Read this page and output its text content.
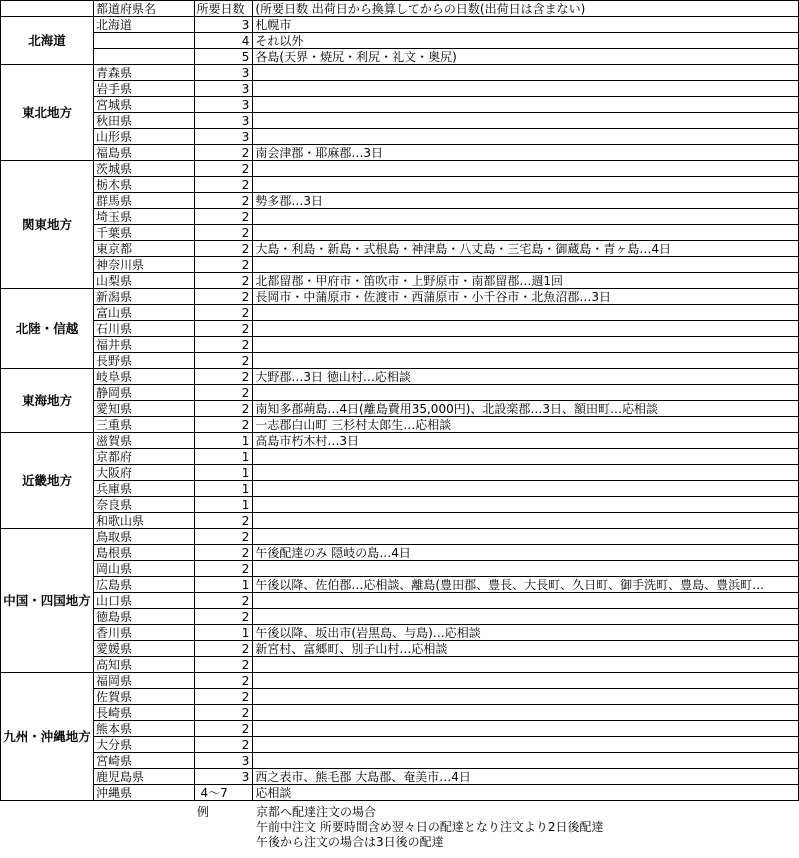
	都道府県名	所要日数	(所要日数 出荷日から換算してからの日数(出荷日は含まない)
北海道	北海道	3	札幌市
		4	それ以外
		5	各島(天界・焼尻・利尻・礼文・奥尻)
東北地方	青森県	3	
	岩手県	3	
	宮城県	3	
	秋田県	3	
	山形県	3	
	福島県	2	南会津郡・耶麻郡…3日
関東地方	茨城県	2	
	栃木県	2	
	群馬県	2	勢多郡…3日
	埼玉県	2	
	千葉県	2	
	東京都	2	大島・利島・新島・式根島・神津島・八丈島・三宅島・御蔵島・青ヶ島…4日
	神奈川県	2	
	山梨県	2	北都留郡・甲府市・笛吹市・上野原市・南都留郡…週1回
北陸・信越	新潟県	2	長岡市・中蒲原市・佐渡市・西蒲原市・小千谷市・北魚沼郡…3日
	富山県	2	
	石川県	2	
	福井県	2	
	長野県	2	
東海地方	岐阜県	2	大野郡…3日 徳山村…応相談
	静岡県	2	
	愛知県	2	南知多郡蒴島…4日(離島費用35,000円)、北設楽郡…3日、額田町…応相談
	三重県	2	一志郡白山町 三杉村太郎生…応相談
近畿地方	滋賀県	1	高島市朽木村…3日
	京都府	1	
	大阪府	1	
	兵庫県	1	
	奈良県	1	
	和歌山県	2	
中国・四国地方	鳥取県	2	
	島根県	2	午後配達のみ 隠岐の島…4日
	岡山県	2	
	広島県	1	午後以降、佐伯郡…応相談、離島(豊田郡、豊長、大長町、久日町、御手洗町、豊島、豊浜町…
	山口県	2	
	徳島県	2	
	香川県	1	午後以降、坂出市(岩黒島、与島)…応相談
	愛媛県	2	新宮村、富郷町、別子山村…応相談
	高知県	2	
九州・沖縄地方	福岡県	2	
	佐賀県	2	
	長崎県	2	
	熊本県	2	
	大分県	2	
	宮崎県	3	
	鹿児島県	3	西之表市、熊毛郡 大島郡、奄美市…4日
	沖縄県	4～7	応相談
例	京都へ配達注文の場合
午前中注文 所要時間含め翌々日の配達となり注文より2日後配達
午後から注文の場合は3日後の配達
